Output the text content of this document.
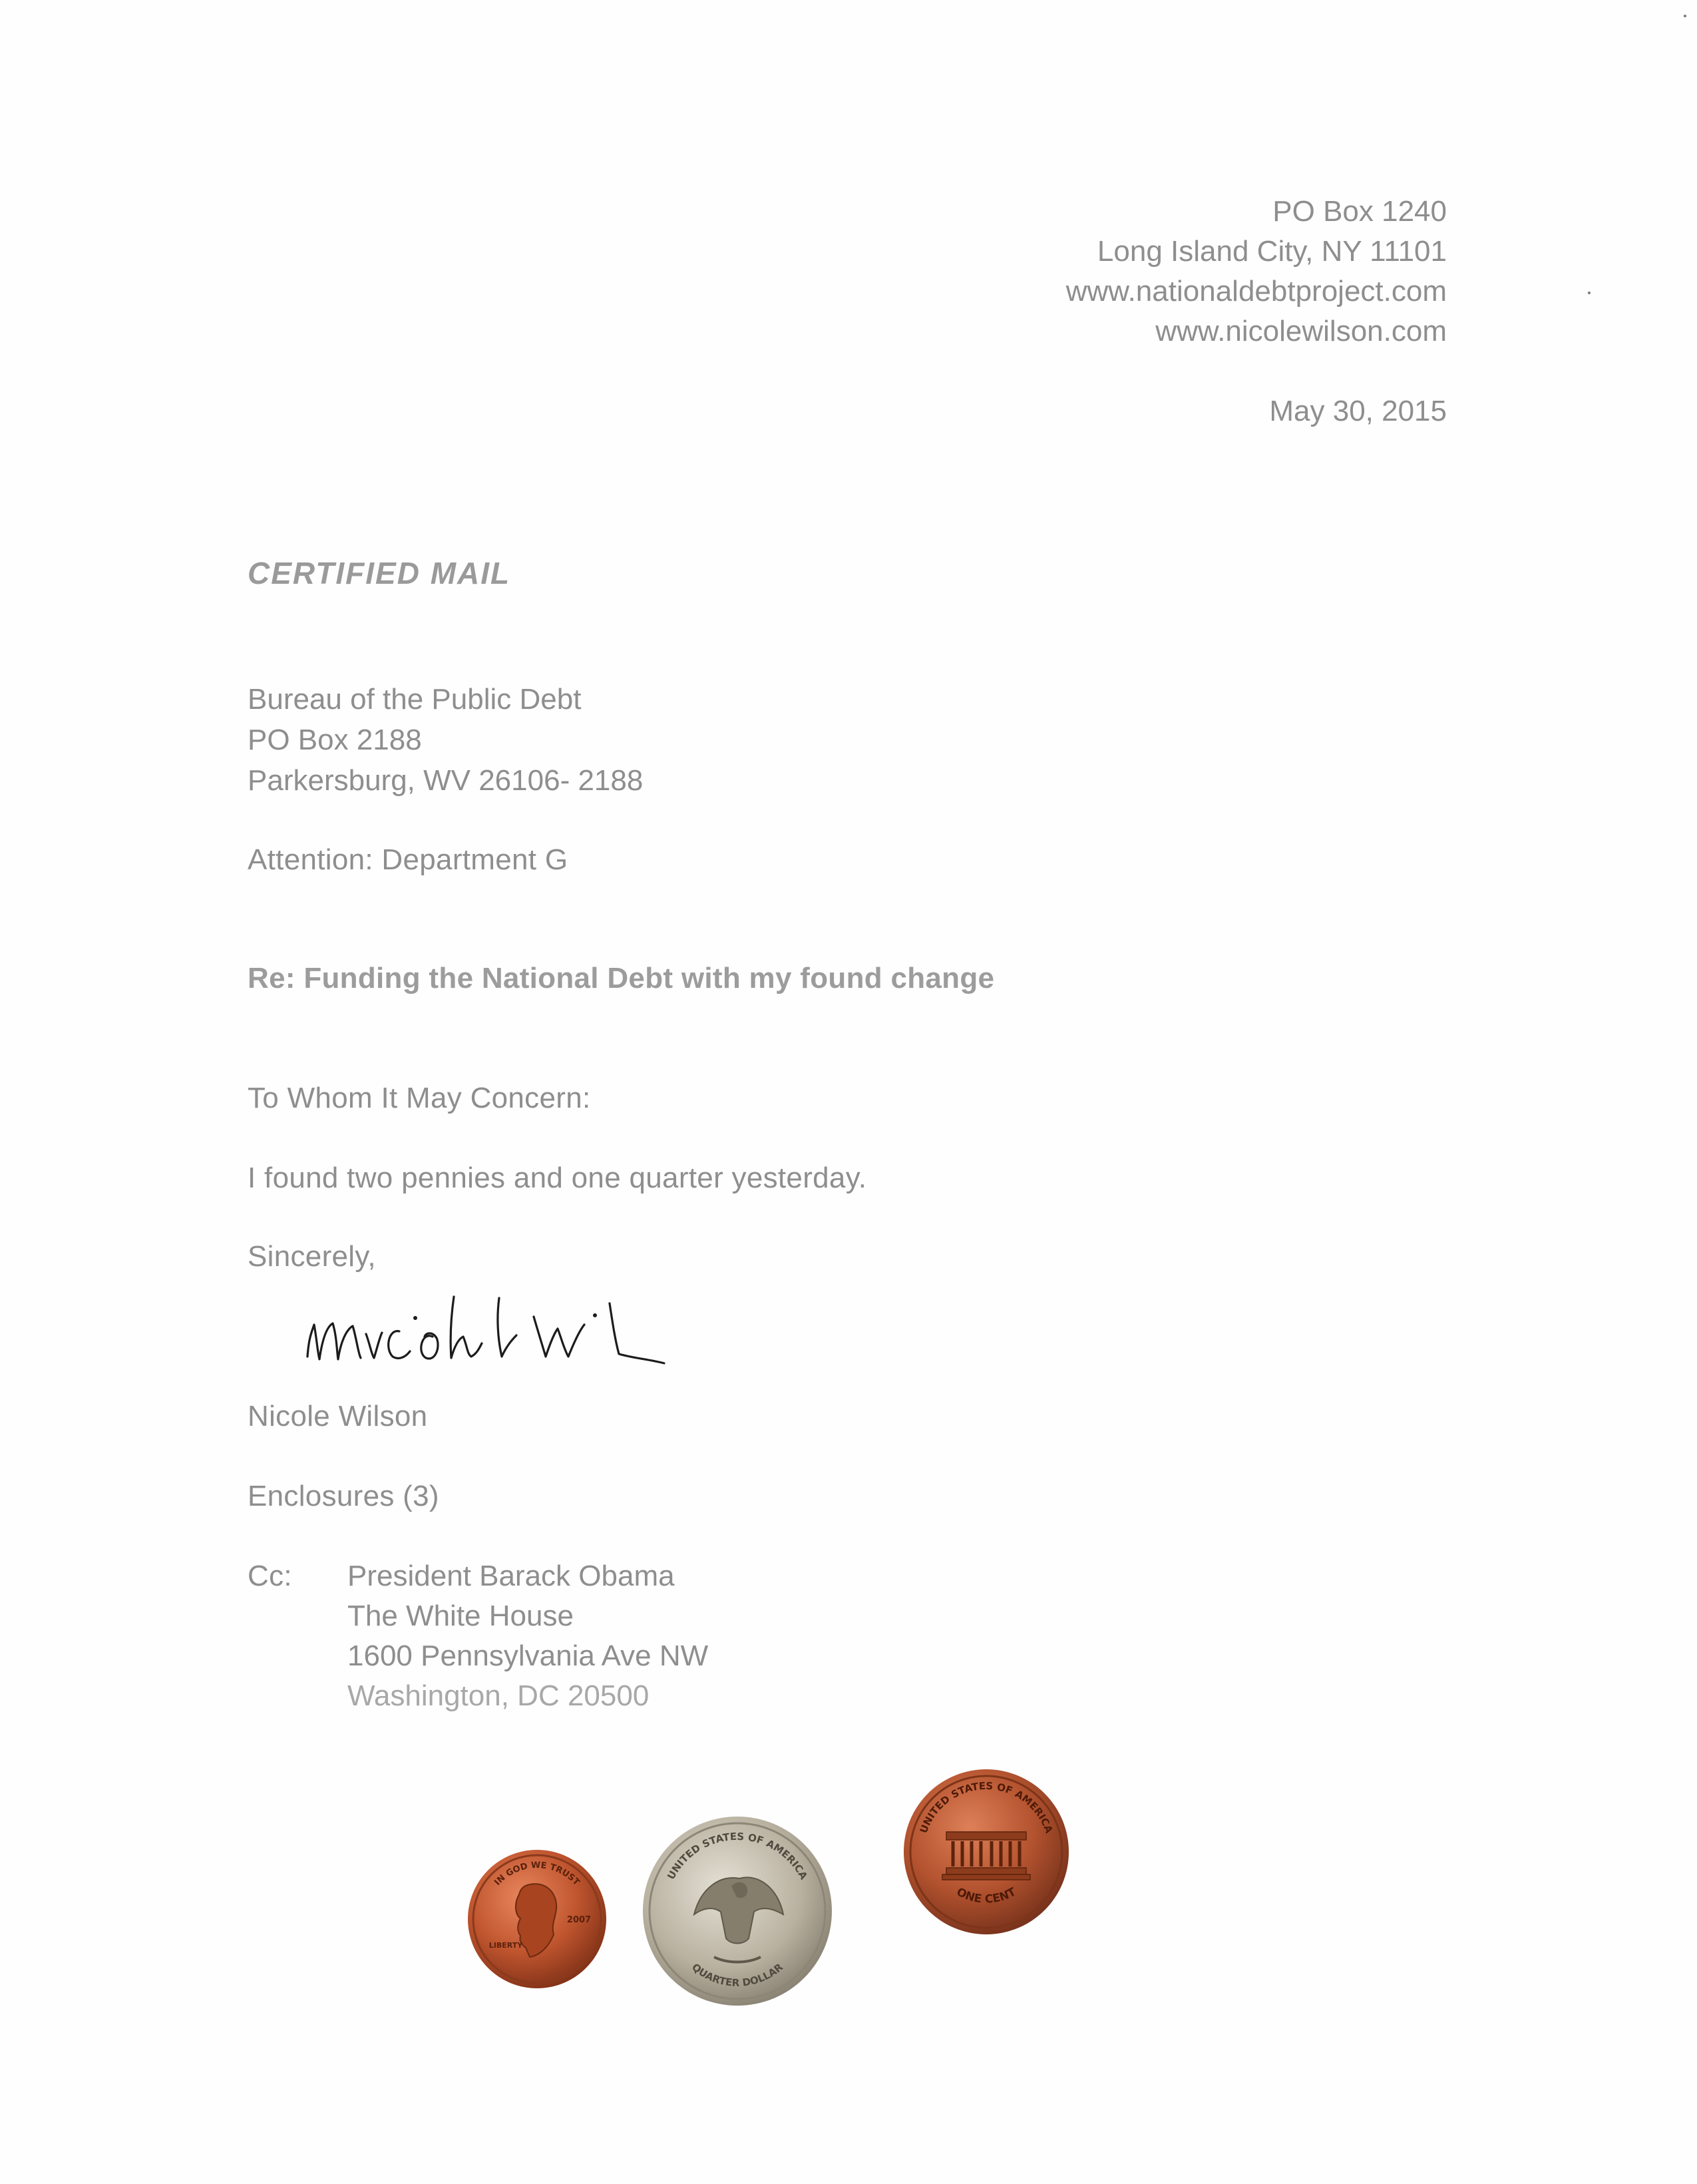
PO Box 1240
Long Island City, NY 11101
www.nationaldebtproject.com
www.nicolewilson.com
May 30, 2015
CERTIFIED MAIL
Bureau of the Public Debt
PO Box 2188
Parkersburg, WV 26106- 2188
Attention: Department G
Re: Funding the National Debt with my found change
To Whom It May Concern:
I found two pennies and one quarter yesterday.
Sincerely,
Nicole Wilson
Enclosures (3)
Cc: President Barack Obama
The White House
1600 Pennsylvania Ave NW
Washington, DC 20500
IN GOD WE TRUST
2007
LIBERTY
UNITED STATES OF AMERICA
QUARTER DOLLAR
UNITED STATES OF AMERICA
ONE CENT
